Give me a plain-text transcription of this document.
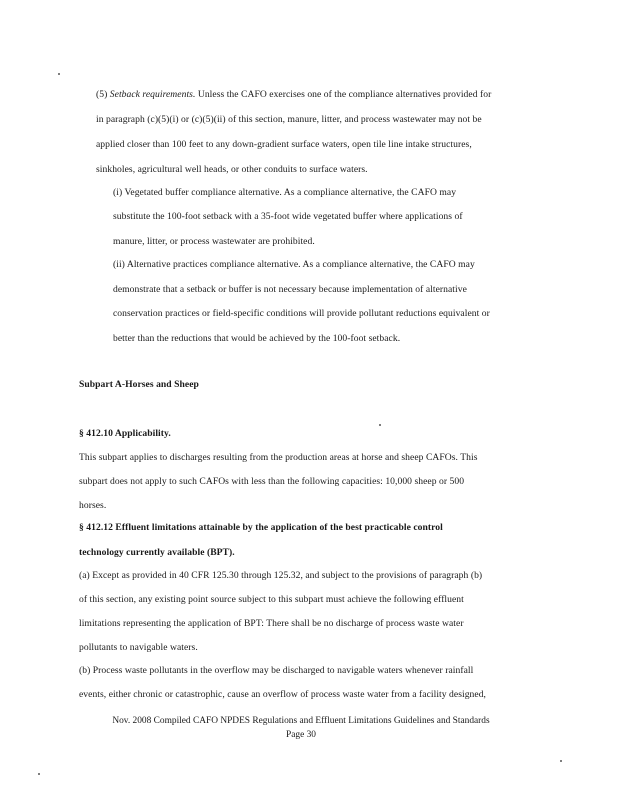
(5) Setback requirements. Unless the CAFO exercises one of the compliance alternatives provided for
in paragraph (c)(5)(i) or (c)(5)(ii) of this section, manure, litter, and process wastewater may not be
applied closer than 100 feet to any down-gradient surface waters, open tile line intake structures,
sinkholes, agricultural well heads, or other conduits to surface waters.
(i) Vegetated buffer compliance alternative. As a compliance alternative, the CAFO may
substitute the 100-foot setback with a 35-foot wide vegetated buffer where applications of
manure, litter, or process wastewater are prohibited.
(ii) Alternative practices compliance alternative. As a compliance alternative, the CAFO may
demonstrate that a setback or buffer is not necessary because implementation of alternative
conservation practices or field-specific conditions will provide pollutant reductions equivalent or
better than the reductions that would be achieved by the 100-foot setback.
Subpart A-Horses and Sheep
§ 412.10 Applicability.
This subpart applies to discharges resulting from the production areas at horse and sheep CAFOs. This
subpart does not apply to such CAFOs with less than the following capacities: 10,000 sheep or 500
horses.
§ 412.12 Effluent limitations attainable by the application of the best practicable control
technology currently available (BPT).
(a) Except as provided in 40 CFR 125.30 through 125.32, and subject to the provisions of paragraph (b)
of this section, any existing point source subject to this subpart must achieve the following effluent
limitations representing the application of BPT: There shall be no discharge of process waste water
pollutants to navigable waters.
(b) Process waste pollutants in the overflow may be discharged to navigable waters whenever rainfall
events, either chronic or catastrophic, cause an overflow of process waste water from a facility designed,
Nov. 2008 Compiled CAFO NPDES Regulations and Effluent Limitations Guidelines and Standards
Page 30
